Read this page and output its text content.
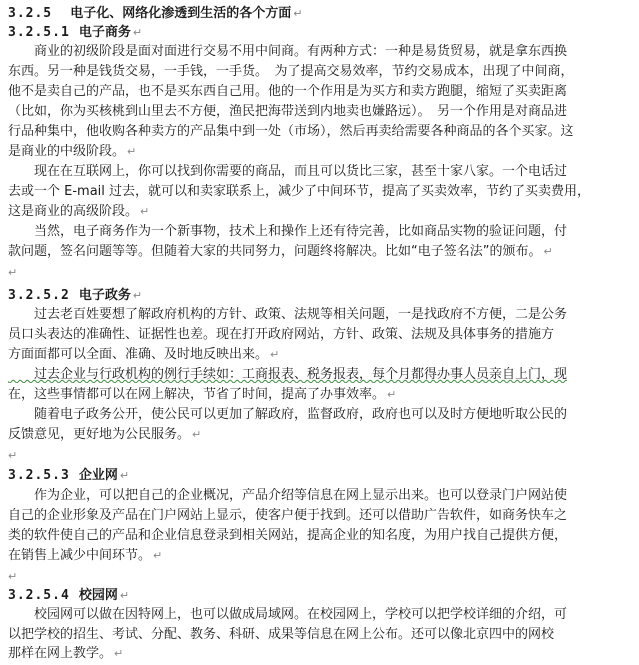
3.2.5 电子化、网络化渗透到生活的各个方面 ↵
3.2.5.1 电子商务 ↵
　　商业的初级阶段是面对面进行交易不用中间商。有两种方式：一种是易货贸易，就是拿东西换
东西。另一种是钱货交易，一手钱，一手货。　为了提高交易效率，节约交易成本，出现了中间商，
他不是卖自己的产品，也不是买东西自己用。他的一个作用是为买方和卖方跑腿，缩短了买卖距离
（比如，你为买核桃到山里去不方便，渔民把海带送到内地卖也嫌路远）。　另一个作用是对商品进
行品种集中，他收购各种卖方的产品集中到一处（市场），然后再卖给需要各种商品的各个买家。这
是商业的中级阶段。 ↵
　　现在在互联网上，你可以找到你需要的商品，而且可以货比三家，甚至十家八家。一个电话过
去或一个 E-mail 过去，就可以和卖家联系上，减少了中间环节，提高了买卖效率，节约了买卖费用，
这是商业的高级阶段。 ↵
　　当然，电子商务作为一个新事物，技术上和操作上还有待完善，比如商品实物的验证问题，付
款问题，签名问题等等。但随着大家的共同努力，问题终将解决。比如“电子签名法”的颁布。 ↵
↵
3.2.5.2 电子政务 ↵
　　过去老百姓要想了解政府机构的方针、政策、法规等相关问题，一是找政府不方便，二是公务
员口头表达的准确性、证据性也差。现在打开政府网站，方针、政策、法规及具体事务的措施方
方面面都可以全面、准确、及时地反映出来。 ↵
　　过去企业与行政机构的例行手续如：工商报表、税务报表，每个月都得办事人员亲自上门，现
在，这些事情都可以在网上解决，节省了时间，提高了办事效率。 ↵
　　随着电子政务公开，使公民可以更加了解政府，监督政府，政府也可以及时方便地听取公民的
反馈意见，更好地为公民服务。 ↵
↵
3.2.5.3 企业网 ↵
　　作为企业，可以把自己的企业概况，产品介绍等信息在网上显示出来。也可以登录门户网站使
自己的企业形象及产品在门户网站上显示，使客户便于找到。还可以借助广告软件，如商务快车之
类的软件使自己的产品和企业信息登录到相关网站，提高企业的知名度，为用户找自己提供方便，
在销售上减少中间环节。 ↵
↵
3.2.5.4 校园网 ↵
　　校园网可以做在因特网上，也可以做成局域网。在校园网上，学校可以把学校详细的介绍，可
以把学校的招生、考试、分配、教务、科研、成果等信息在网上公布。还可以像北京四中的网校
那样在网上教学。 ↵
